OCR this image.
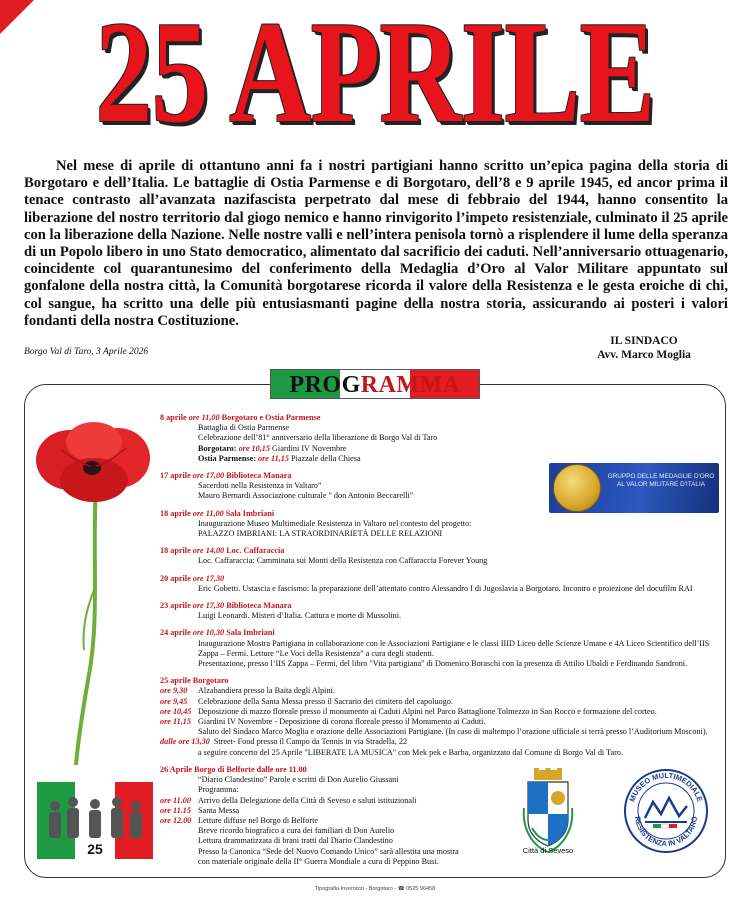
25 APRILE

Nel mese di aprile di ottantuno anni fa i nostri partigiani hanno scritto un’epica pagina della storia di Borgotaro e dell’Italia. Le battaglie di Ostia Parmense e di Borgotaro, dell’8 e 9 aprile 1945, ed ancor prima il tenace contrasto all’avanzata nazifascista perpetrato dal mese di febbraio del 1944, hanno consentito la liberazione del nostro territorio dal giogo nemico e hanno rinvigorito l’impeto resistenziale, culminato il 25 aprile con la liberazione della Nazione. Nelle nostre valli e nell’intera penisola tornò a risplendere il lume della speranza di un Popolo libero in uno Stato democratico, alimentato dal sacrificio dei caduti. Nell’anniversario ottuagenario, coincidente col quarantunesimo del conferimento della Medaglia d’Oro al Valor Militare appuntato sul gonfalone della nostra città, la Comunità borgotarese ricorda il valore della Resistenza e le gesta eroiche di chi, col sangue, ha scritto una delle più entusiasmanti pagine della nostra storia, assicurando ai posteri i valori fondanti della nostra Costituzione.

Borgo Val di Taro, 3 Aprile 2026
IL SINDACO
Avv. Marco Moglia
PROGRAMMA
GRUPPO DELLE MEDAGLIE D'ORO AL VALOR MILITARE D'ITALIA
8 aprile ore 11,00 Borgotaro e Ostia Parmense
Battaglia di Ostia Parmense
Celebrazione dell’81° anniversario della liberazione di Borgo Val di Taro
Borgotaro: ore 10,15 Giardini IV Novembre
Ostia Parmense: ore 11,15 Piazzale della Chiesa
17 aprile ore 17,00 Biblioteca Manara
Sacerdoti nella Resistenza in Valtaro”
Mauro Bernardi Associazione culturale " don Antonio Beccarelli"
18 aprile ore 11,00 Sala Imbriani
Inaugurazione Museo Multimediale Resistenza in Valtaro nel contesto del progetto:
PALAZZO IMBRIANI: LA STRAORDINARIETÀ DELLE RELAZIONI
18 aprile ore 14,00 Loc. Caffaraccia
Loc. Caffaraccia: Camminata sui Monti della Resistenza con Caffaraccia Forever Young
20 aprile ore 17,30
Eric Gobetti. Ustascia e fascismo: la preparazione dell’attentato contro Alessandro I di Jugoslavia a Borgotaro. Incontro e proiezione del docufilm RAI
23 aprile ore 17,30 Biblioteca Manara
Luigi Leonardi. Misteri d’Italia. Cattura e morte di Mussolini.
24 aprile ore 10,30 Sala Imbriani
Inaugurazione Mostra Partigiana in collaborazione con le Associazioni Partigiane e le classi IIID Liceo delle Scienze Umane e 4A Liceo Scientifico dell’IIS Zappa – Fermi. Letture “Le Voci della Resistenza” a cura degli studenti.
Presentazione, presso l’IIS Zappa – Fermi, del libro "Vita partigiana" di Domenico Boraschi con la presenza di Attilio Ubaldi e Ferdinando Sandroni.
25 aprile Borgotaro
ore 9,30	Alzabandiera presso la Baita degli Alpini.
ore 9,45	Celebrazione della Santa Messa presso il Sacrario dei cimitero del capoluogo.
ore 10,45 Deposizione di mazzo floreale presso il monumento ai Caduti Alpini nel Parco Battaglione Tolmezzo in San Rocco e formazione del corteo.
ore 11,15 Giardini IV Novembre - Deposizione di corona floreale presso il Monumento ai Caduti.
Saluto del Sindaco Marco Moglia e orazione delle Associazioni Partigiane. (In caso di maltempo l’orazione ufficiale si terrà presso l’Auditorium Mosconi).
dalle ore 13,30 Street- Food presso il Campo da Tennis in via Stradella, 22
a seguire concerto del 25 Aprile "LIBERATE LA MUSICA" con Mek pek e Barba, organizzato dal Comune di Borgo Val di Taro.
26 Aprile Borgo di Belforte dalle ore 11.00
“Diario Clandestino” Parole e scritti di Don Aurelio Giussani
Programma:
ore 11.00 Arrivo della Delegazione della Città di Seveso e saluti istituzionali
ore 11.15 Santa Messa
ore 12.00 Letture diffuse nel Borgo di Belforte
Breve ricordo biografico a cura dei familiari di Don Aurelio
Lettura drammatizzata di brani tratti dal Diario Clandestino
Presso la Canonica “Sede del Nuovo Comando Unico” sarà allestita una mostra
con materiale originale della II° Guerra Mondiale a cura di Peppino Busi.
25	Città di Seveso
MUSEO MULTIMEDIALE
RESISTENZA IN VALTARO
Tipografia Invernizzi - Borgotaro - ☎ 0525 96458
